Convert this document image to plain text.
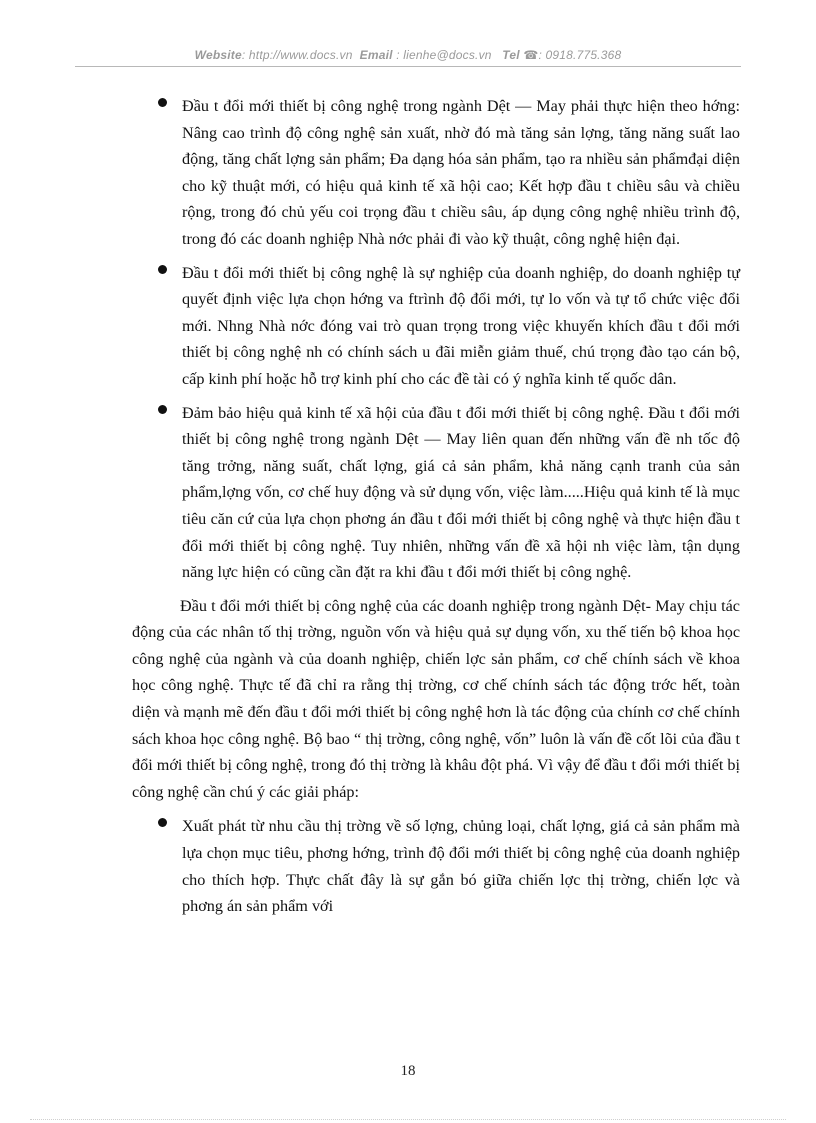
Website: http://www.docs.vn Email : lienhe@docs.vn Tel ☎: 0918.775.368
Đầu t đổi mới thiết bị công nghệ trong ngành Dệt — May phải thực hiện theo hớng: Nâng cao trình độ công nghệ sản xuất, nhờ đó mà tăng sản lợng, tăng năng suất lao động, tăng chất lợng sản phẩm; Đa dạng hóa sản phẩm, tạo ra nhiều sản phẩmđại diện cho kỹ thuật mới, có hiệu quả kinh tế xã hội cao; Kết hợp đầu t chiều sâu và chiều rộng, trong đó chủ yếu coi trọng đầu t chiều sâu, áp dụng công nghệ nhiều trình độ, trong đó các doanh nghiệp Nhà nớc phải đi vào kỹ thuật, công nghệ hiện đại.
Đầu t đổi mới thiết bị công nghệ là sự nghiệp của doanh nghiệp, do doanh nghiệp tự quyết định việc lựa chọn hớng va ftrình độ đổi mới, tự lo vốn và tự tổ chức việc đổi mới. Nhng Nhà nớc đóng vai trò quan trọng trong việc khuyến khích đầu t đổi mới thiết bị công nghệ nh có chính sách u đãi miễn giảm thuế, chú trọng đào tạo cán bộ, cấp kinh phí hoặc hỗ trợ kinh phí cho các đề tài có ý nghĩa kinh tế quốc dân.
Đảm bảo hiệu quả kinh tế xã hội của đầu t đổi mới thiết bị công nghệ. Đầu t đổi mới thiết bị công nghệ trong ngành Dệt — May liên quan đến những vấn đề nh tốc độ tăng trởng, năng suất, chất lợng, giá cả sản phẩm, khả năng cạnh tranh của sản phẩm,lợng vốn, cơ chế huy động và sử dụng vốn, việc làm.....Hiệu quả kinh tế là mục tiêu căn cứ của lựa chọn phơng án đầu t đổi mới thiết bị công nghệ và thực hiện đầu t đổi mới thiết bị công nghệ. Tuy nhiên, những vấn đề xã hội nh việc làm, tận dụng năng lực hiện có cũng cần đặt ra khi đầu t đổi mới thiết bị công nghệ.

Đầu t đổi mới thiết bị công nghệ của các doanh nghiệp trong ngành Dệt- May chịu tác động của các nhân tố thị trờng, nguồn vốn và hiệu quả sự dụng vốn, xu thế tiến bộ khoa học công nghệ của ngành và của doanh nghiệp, chiến lợc sản phẩm, cơ chế chính sách về khoa học công nghệ. Thực tế đã chỉ ra rằng thị trờng, cơ chế chính sách tác động trớc hết, toàn diện và mạnh mẽ đến đầu t đổi mới thiết bị công nghệ hơn là tác động của chính cơ chế chính sách khoa học công nghệ. Bộ bao “ thị trờng, công nghệ, vốn” luôn là vấn đề cốt lõi của đầu t đổi mới thiết bị công nghệ, trong đó thị trờng là khâu đột phá. Vì vậy để đầu t đổi mới thiết bị công nghệ cần chú ý các giải pháp:

Xuất phát từ nhu cầu thị trờng về số lợng, chủng loại, chất lợng, giá cả sản phẩm mà lựa chọn mục tiêu, phơng hớng, trình độ đổi mới thiết bị công nghệ của doanh nghiệp cho thích hợp. Thực chất đây là sự gắn bó giữa chiến lợc thị trờng, chiến lợc và phơng án sản phẩm với
18
